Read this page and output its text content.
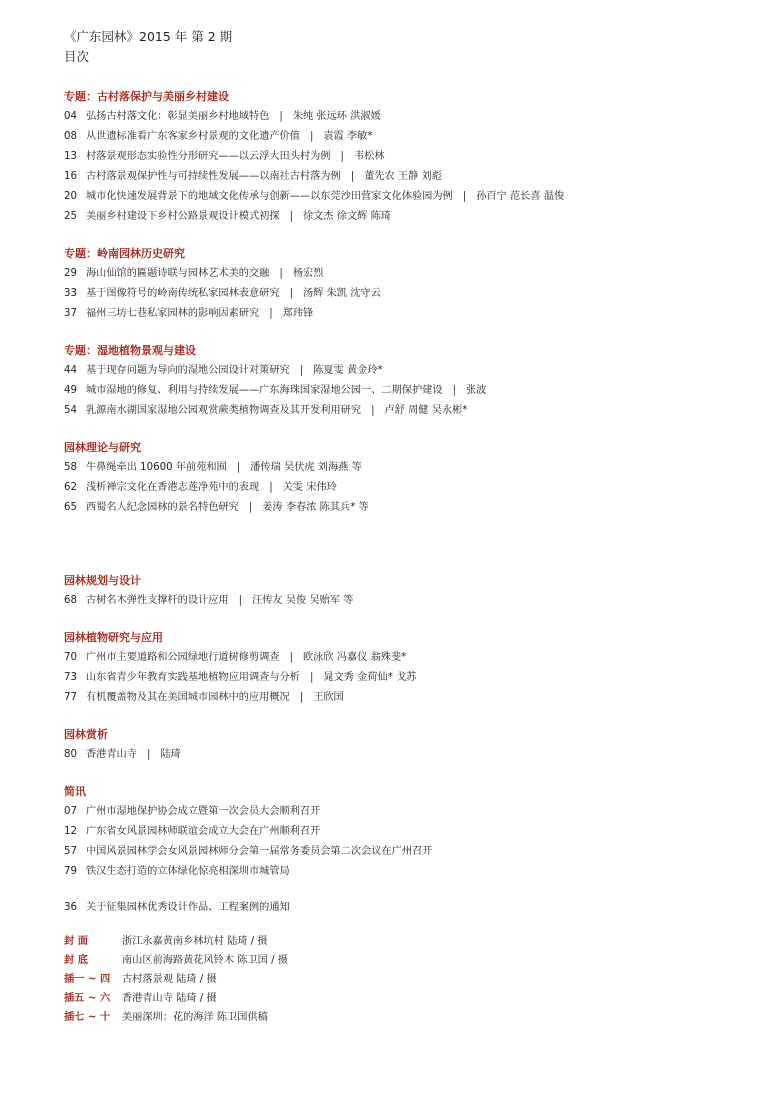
《广东园林》2015 年 第 2 期

目次

专题：古村落保护与美丽乡村建设
04 弘扬古村落文化：彰显美丽乡村地域特色 | 朱纯 张远环 洪淑媛
08 从世遗标准看广东客家乡村景观的文化遗产价值 | 袁霞 李敏*
13 村落景观形态实验性分形研究——以云浮大田头村为例 | 韦松林
16 古村落景观保护性与可持续性发展——以南社古村落为例 | 董先农 王静 刘彪
20 城市化快速发展背景下的地域文化传承与创新——以东莞沙田营家文化体验园为例 | 孙百宁 范长喜 温俊
25 美丽乡村建设下乡村公路景观设计模式初探 | 徐文杰 徐文辉 陈琦
专题：岭南园林历史研究
29 海山仙馆的匾题诗联与园林艺术美的交融 | 杨宏烈
33 基于图像符号的岭南传统私家园林表意研究 | 汤辉 朱凯 沈守云
37 福州三坊七巷私家园林的影响因素研究 | 郑玮锋
专题：湿地植物景观与建设
44 基于现存问题为导向的湿地公园设计对策研究 | 陈夏雯 黄金玲*
49 城市湿地的修复、利用与持续发展——广东海珠国家湿地公园一、二期保护建设 | 张波
54 乳源南水湖国家湿地公园观赏蕨类植物调查及其开发利用研究 | 卢舒 周健 吴永彬*
园林理论与研究
58 牛鼻绳牵出 10600 年前苑和囿 | 潘传瑞 吴伏虎 刘海燕 等
62 浅析禅宗文化在香港志莲净苑中的表现 | 关雯 宋伟玲
65 西蜀名人纪念园林的景名特色研究 | 姜涛 李春浓 陈其兵* 等
园林规划与设计
68 古树名木弹性支撑杆的设计应用 | 汪传友 吴俊 吴贻军 等
园林植物研究与应用
70 广州市主要道路和公园绿地行道树修剪调查 | 欧泳欣 冯嘉仪 翁殊斐*
73 山东省青少年教育实践基地植物应用调查与分析 | 晁文秀 金荷仙* 戈苏
77 有机覆盖物及其在美国城市园林中的应用概况 | 王欣国
园林赏析
80 香港青山寺 | 陆琦
简讯
07 广州市湿地保护协会成立暨第一次会员大会顺利召开
12 广东省女风景园林师联谊会成立大会在广州顺利召开
57 中国风景园林学会女风景园林师分会第一届常务委员会第二次会议在广州召开
79 铁汉生态打造的立体绿化惊亮相深圳市城管局
36 关于征集园林优秀设计作品、工程案例的通知
封 面	浙江永嘉黄南乡林坑村 陆琦 / 摄
封 底	南山区前海路黄花风铃木 陈卫国 / 摄
插一 ~ 四 古村落景观 陆琦 / 摄
插五 ~ 六 香港青山寺 陆琦 / 摄
插七 ~ 十 美丽深圳：花的海洋 陈卫国供稿
